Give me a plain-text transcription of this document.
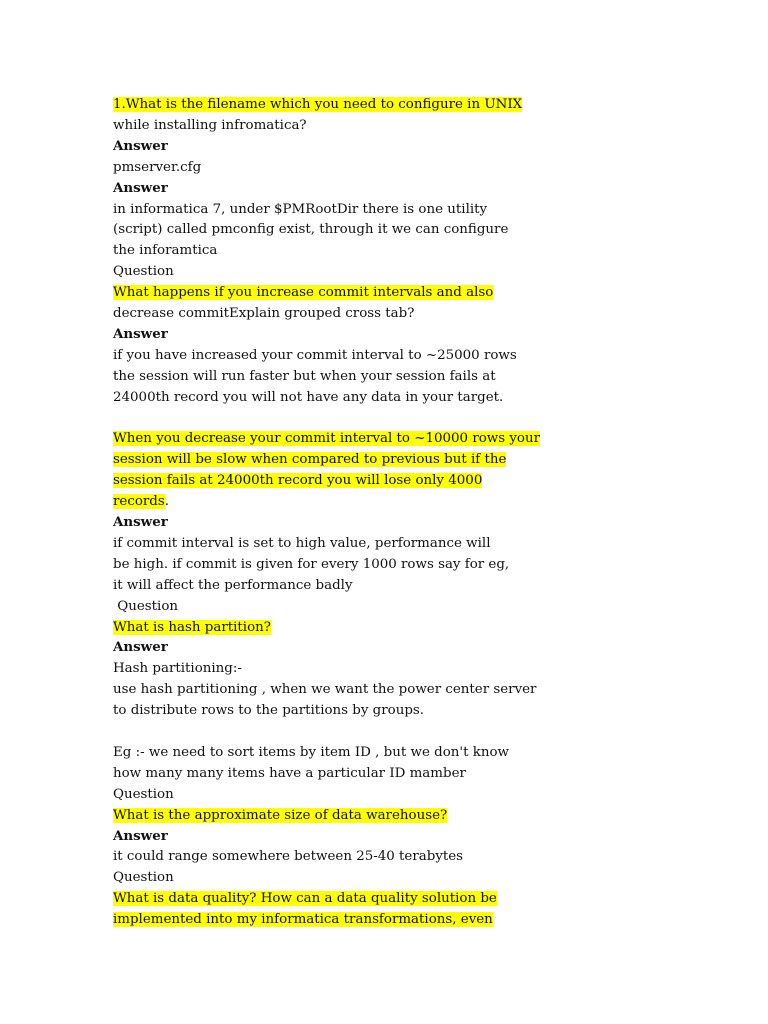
1.What is the filename which you need to configure in UNIX
while installing infromatica?
Answer
pmserver.cfg
Answer
in informatica 7, under $PMRootDir there is one utility
(script) called pmconfig exist, through it we can configure
the inforamtica
Question
What happens if you increase commit intervals and also
decrease commitExplain grouped cross tab?
Answer
if you have increased your commit interval to ~25000 rows
the session will run faster but when your session fails at
24000th record you will not have any data in your target.
When you decrease your commit interval to ~10000 rows your
session will be slow when compared to previous but if the
session fails at 24000th record you will lose only 4000
records.
Answer
if commit interval is set to high value, performance will
be high. if commit is given for every 1000 rows say for eg,
it will affect the performance badly
Question
What is hash partition?
Answer
Hash partitioning:-
use hash partitioning , when we want the power center server
to distribute rows to the partitions by groups.
Eg :- we need to sort items by item ID , but we don't know
how many many items have a particular ID mamber
Question
What is the approximate size of data warehouse?
Answer
it could range somewhere between 25-40 terabytes
Question
What is data quality? How can a data quality solution be
implemented into my informatica transformations, even
